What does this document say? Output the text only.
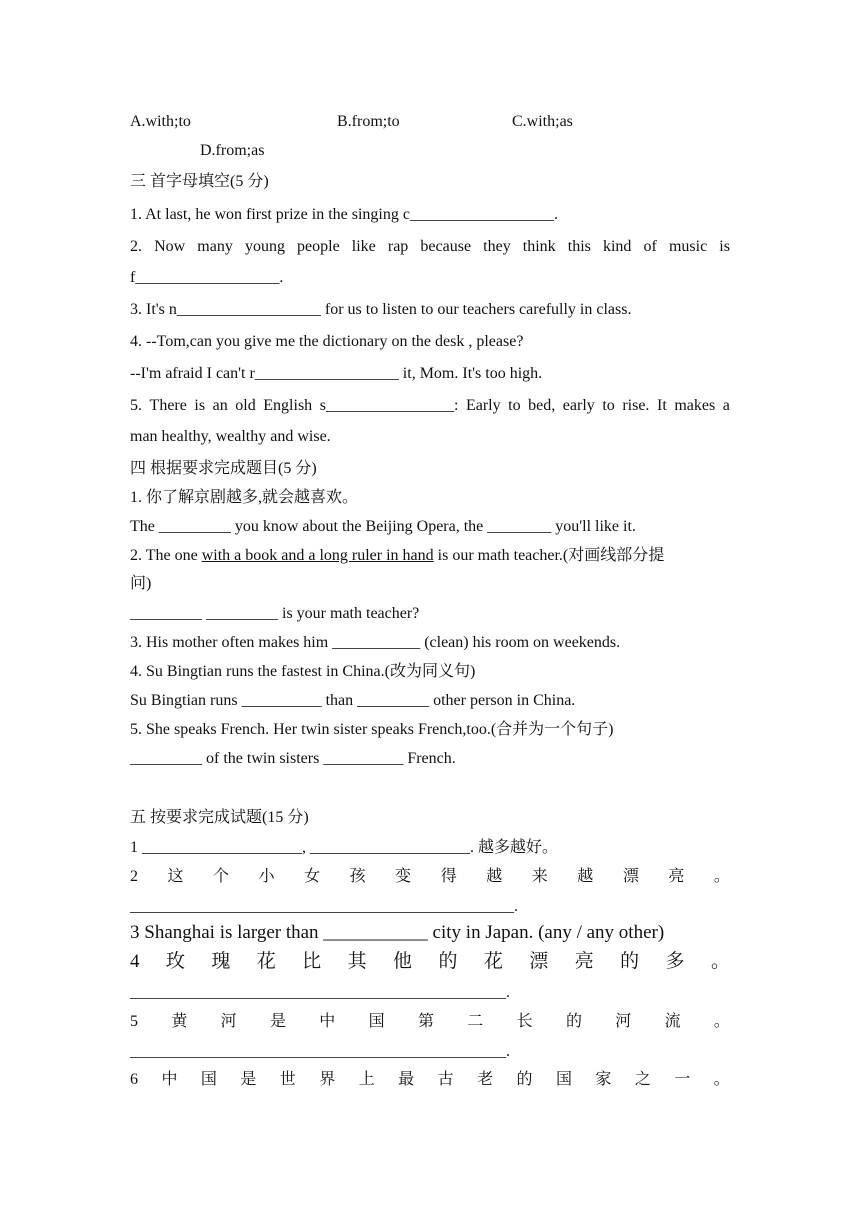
A.with;to	B.from;to	C.with;as
D.from;as
三 首字母填空(5 分)
1. At last, he won first prize in the singing c__________________.
2. Now many young people like rap because they think this kind of music is
f__________________.
3. It's n__________________ for us to listen to our teachers carefully in class.
4. --Tom,can you give me the dictionary on the desk , please?
--I'm afraid I can't r__________________ it, Mom. It's too high.
5. There is an old English s________________: Early to bed, early to rise. It makes a
man healthy, wealthy and wise.
四 根据要求完成题目(5 分)
1. 你了解京剧越多,就会越喜欢。
The _________ you know about the Beijing Opera, the ________ you'll like it.
2. The one with a book and a long ruler in hand is our math teacher.(对画线部分提
问)
_________ _________ is your math teacher?
3. His mother often makes him ___________ (clean) his room on weekends.
4. Su Bingtian runs the fastest in China.(改为同义句)
Su Bingtian runs __________ than _________ other person in China.
5. She speaks French. Her twin sister speaks French,too.(合并为一个句子)
_________ of the twin sisters __________ French.
五 按要求完成试题(15 分)
1 ____________________, ____________________. 越多越好。
2 这 个 小 女 孩 变 得 越 来 越 漂 亮 。
________________________________________________.
3 Shanghai is larger than ___________ city in Japan. (any / any other)
4 玫 瑰 花 比 其 他 的 花 漂 亮 的 多 。
_______________________________________________.
5 黄 河 是 中 国 第 二 长 的 河 流 。
_______________________________________________.
6 中 国 是 世 界 上 最 古 老 的 国 家 之 一 。
